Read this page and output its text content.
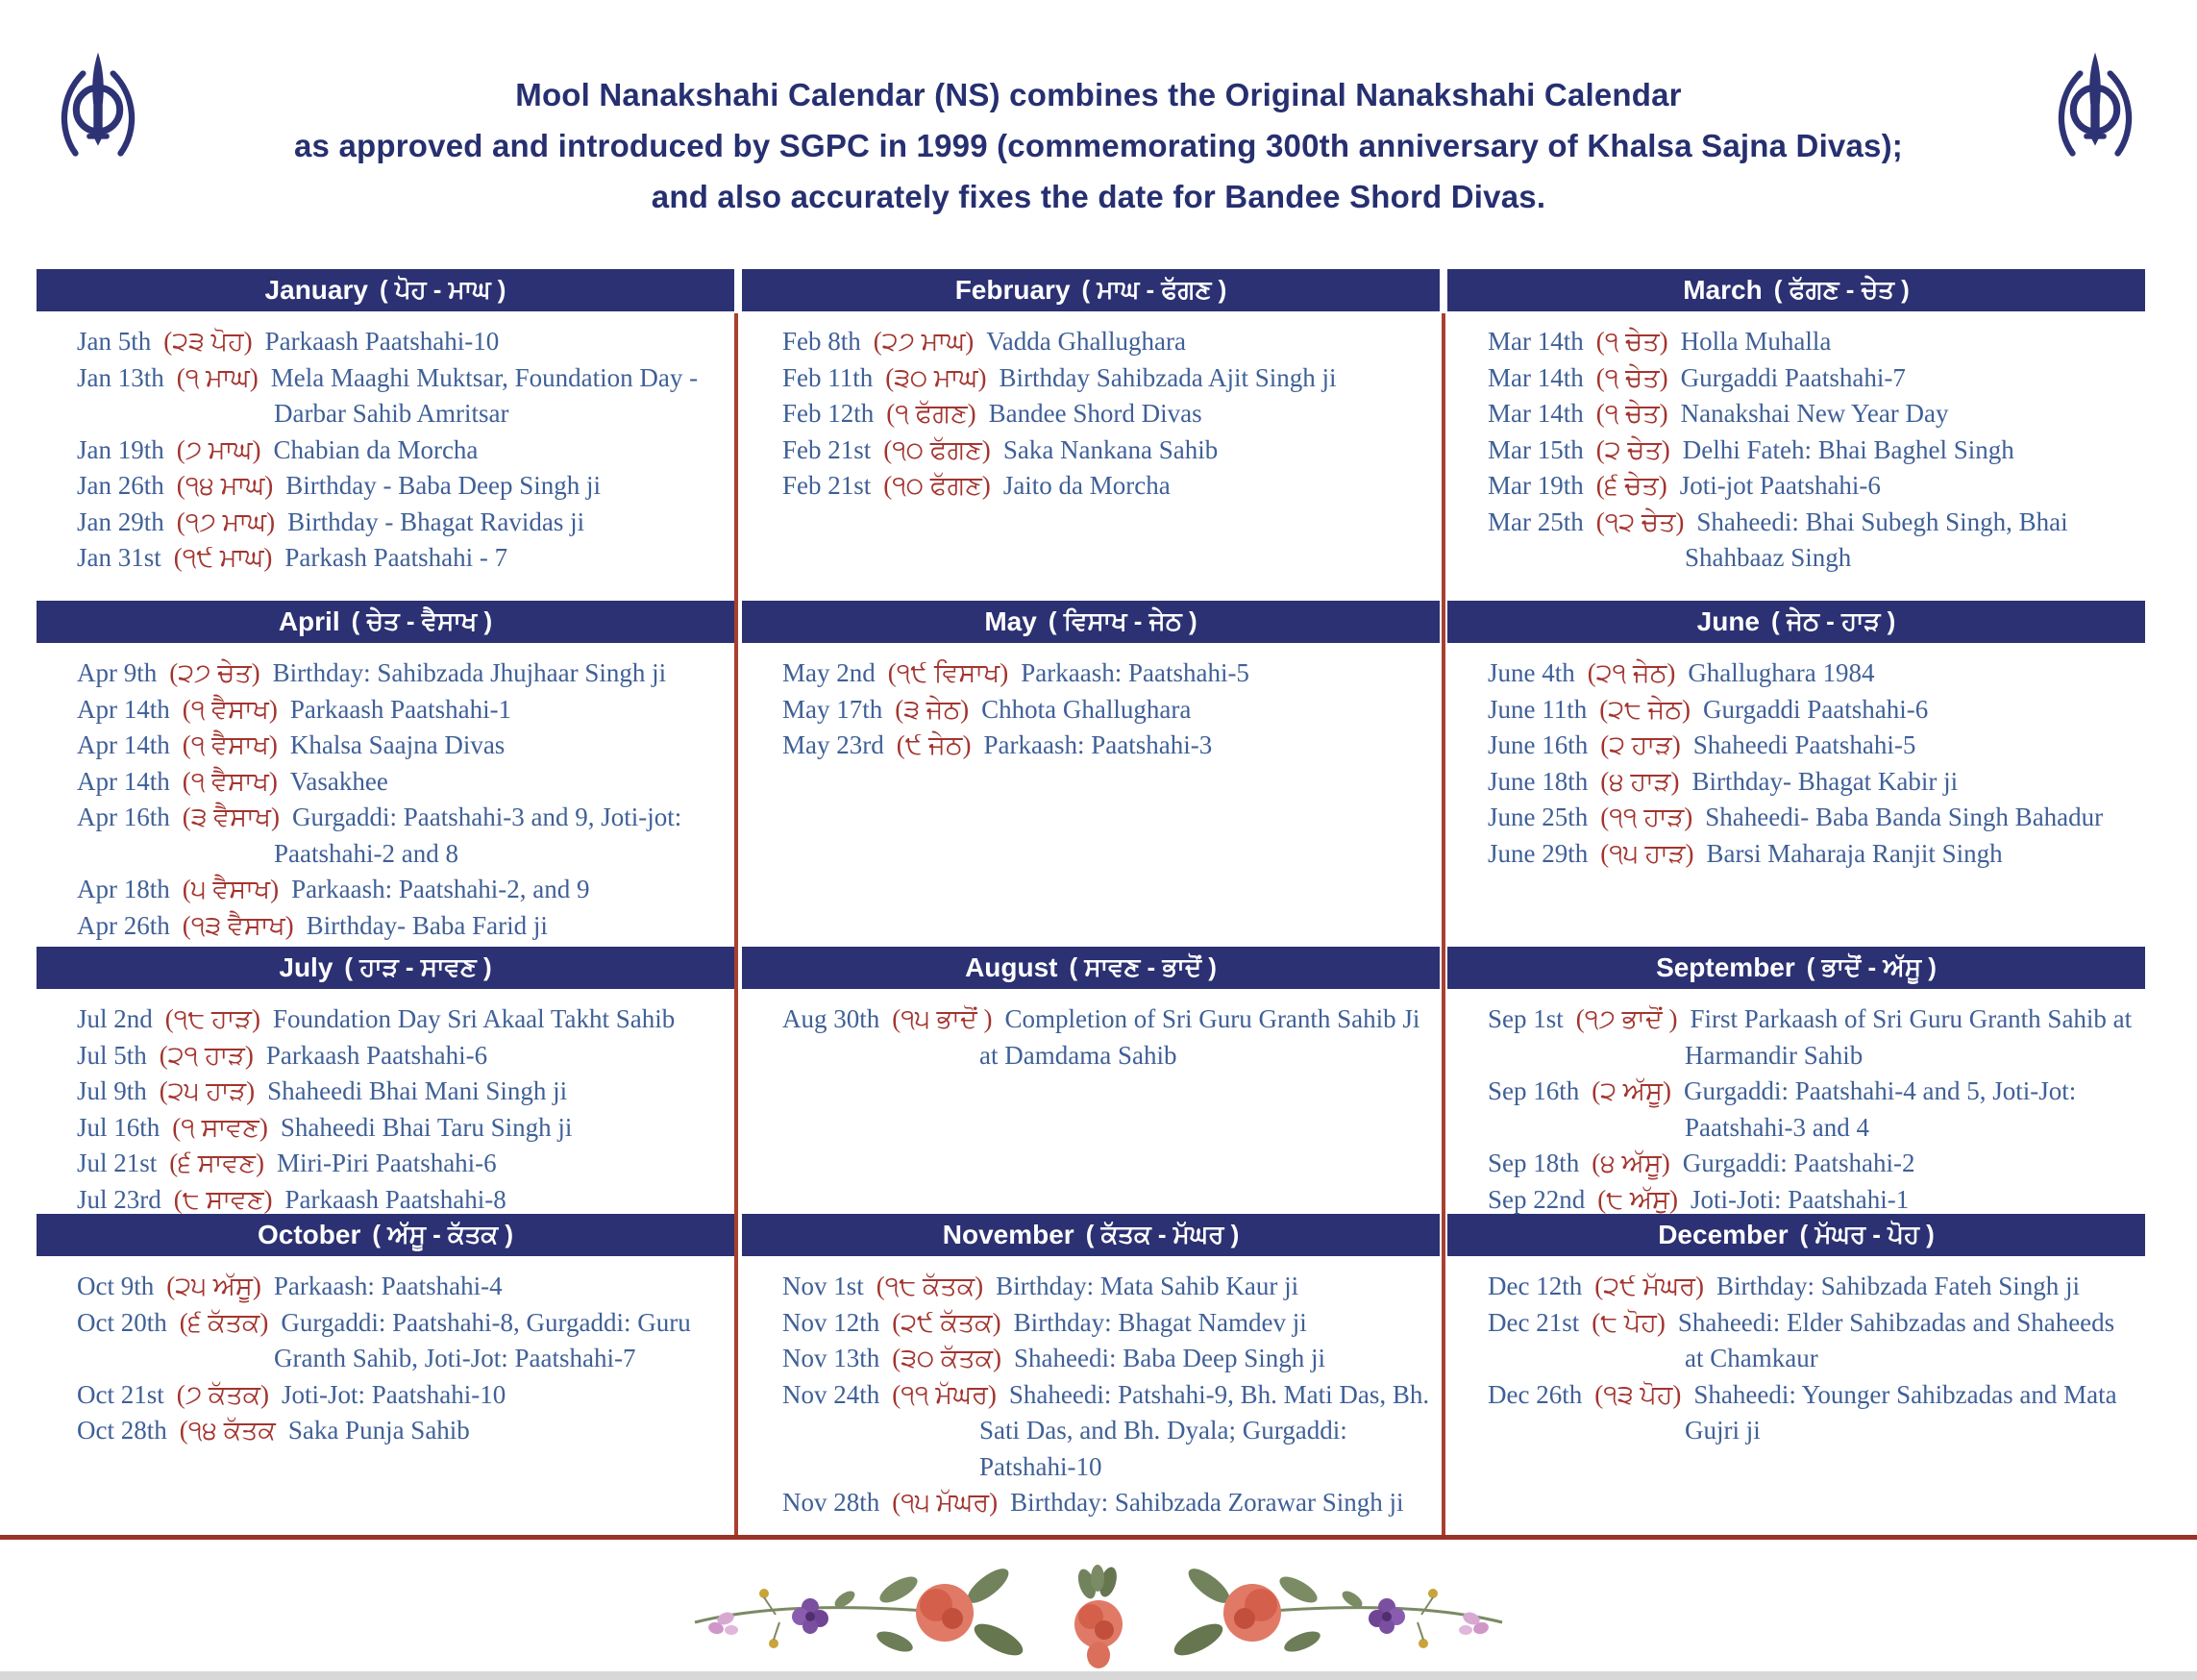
Mool Nanakshahi Calendar (NS) combines the Original Nanakshahi Calendar
as approved and introduced by SGPC in 1999 (commemorating 300th anniversary of Khalsa Sajna Divas);
and also accurately fixes the date for Bandee Shord Divas.
January ( ਪੋਹ - ਮਾਘ )
Jan 5th (੨੩ ਪੋਹ) Parkaash Paatshahi-10
Jan 13th (੧ ਮਾਘ) Mela Maaghi Muktsar, Foundation Day - Darbar Sahib Amritsar
Jan 19th (੭ ਮਾਘ) Chabian da Morcha
Jan 26th (੧੪ ਮਾਘ) Birthday - Baba Deep Singh ji
Jan 29th (੧੭ ਮਾਘ) Birthday - Bhagat Ravidas ji
Jan 31st (੧੯ ਮਾਘ) Parkash Paatshahi - 7
February ( ਮਾਘ - ਫੱਗਣ )
Feb 8th (੨੭ ਮਾਘ) Vadda Ghallughara
Feb 11th (੩੦ ਮਾਘ) Birthday Sahibzada Ajit Singh ji
Feb 12th (੧ ਫੱਗਣ) Bandee Shord Divas
Feb 21st (੧੦ ਫੱਗਣ) Saka Nankana Sahib
Feb 21st (੧੦ ਫੱਗਣ) Jaito da Morcha
March ( ਫੱਗਣ - ਚੇਤ )
Mar 14th (੧ ਚੇਤ) Holla Muhalla
Mar 14th (੧ ਚੇਤ) Gurgaddi Paatshahi-7
Mar 14th (੧ ਚੇਤ) Nanakshai New Year Day
Mar 15th (੨ ਚੇਤ) Delhi Fateh: Bhai Baghel Singh
Mar 19th (੬ ਚੇਤ) Joti-jot Paatshahi-6
Mar 25th (੧੨ ਚੇਤ) Shaheedi: Bhai Subegh Singh, Bhai Shahbaaz Singh
April ( ਚੇਤ - ਵੈਸਾਖ )
Apr 9th (੨੭ ਚੇਤ) Birthday: Sahibzada Jhujhaar Singh ji
Apr 14th (੧ ਵੈਸਾਖ) Parkaash Paatshahi-1
Apr 14th (੧ ਵੈਸਾਖ) Khalsa Saajna Divas
Apr 14th (੧ ਵੈਸਾਖ) Vasakhee
Apr 16th (੩ ਵੈਸਾਖ) Gurgaddi: Paatshahi-3 and 9, Joti-jot: Paatshahi-2 and 8
Apr 18th (੫ ਵੈਸਾਖ) Parkaash: Paatshahi-2, and 9
Apr 26th (੧੩ ਵੈਸਾਖ) Birthday- Baba Farid ji
May ( ਵਿਸਾਖ - ਜੇਠ )
May 2nd (੧੯ ਵਿਸਾਖ) Parkaash: Paatshahi-5
May 17th (੩ ਜੇਠ) Chhota Ghallughara
May 23rd (੯ ਜੇਠ) Parkaash: Paatshahi-3
June ( ਜੇਠ - ਹਾੜ )
June 4th (੨੧ ਜੇਠ) Ghallughara 1984
June 11th (੨੮ ਜੇਠ) Gurgaddi Paatshahi-6
June 16th (੨ ਹਾੜ) Shaheedi Paatshahi-5
June 18th (੪ ਹਾੜ) Birthday- Bhagat Kabir ji
June 25th (੧੧ ਹਾੜ) Shaheedi- Baba Banda Singh Bahadur
June 29th (੧੫ ਹਾੜ) Barsi Maharaja Ranjit Singh
July ( ਹਾੜ - ਸਾਵਣ )
Jul 2nd (੧੮ ਹਾੜ) Foundation Day Sri Akaal Takht Sahib
Jul 5th (੨੧ ਹਾੜ) Parkaash Paatshahi-6
Jul 9th (੨੫ ਹਾੜ) Shaheedi Bhai Mani Singh ji
Jul 16th (੧ ਸਾਵਣ) Shaheedi Bhai Taru Singh ji
Jul 21st (੬ ਸਾਵਣ) Miri-Piri Paatshahi-6
Jul 23rd (੮ ਸਾਵਣ) Parkaash Paatshahi-8
August ( ਸਾਵਣ - ਭਾਦੋਂ )
Aug 30th (੧੫ ਭਾਦੋਂ ) Completion of Sri Guru Granth Sahib Ji at Damdama Sahib
September ( ਭਾਦੋਂ - ਅੱਸੂ )
Sep 1st (੧੭ ਭਾਦੋਂ ) First Parkaash of Sri Guru Granth Sahib at Harmandir Sahib
Sep 16th (੨ ਅੱਸੂ) Gurgaddi: Paatshahi-4 and 5, Joti-Jot: Paatshahi-3 and 4
Sep 18th (੪ ਅੱਸੂ) Gurgaddi: Paatshahi-2
Sep 22nd (੮ ਅੱਸੂ) Joti-Joti: Paatshahi-1
October ( ਅੱਸੂ - ਕੱਤਕ )
Oct 9th (੨੫ ਅੱਸੂ) Parkaash: Paatshahi-4
Oct 20th (੬ ਕੱਤਕ) Gurgaddi: Paatshahi-8, Gurgaddi: Guru Granth Sahib, Joti-Jot: Paatshahi-7
Oct 21st (੭ ਕੱਤਕ) Joti-Jot: Paatshahi-10
Oct 28th (੧੪ ਕੱਤਕ Saka Punja Sahib
November ( ਕੱਤਕ - ਮੱਘਰ )
Nov 1st (੧੮ ਕੱਤਕ) Birthday: Mata Sahib Kaur ji
Nov 12th (੨੯ ਕੱਤਕ) Birthday: Bhagat Namdev ji
Nov 13th (੩੦ ਕੱਤਕ) Shaheedi: Baba Deep Singh ji
Nov 24th (੧੧ ਮੱਘਰ) Shaheedi: Patshahi-9, Bh. Mati Das, Bh. Sati Das, and Bh. Dyala; Gurgaddi: Patshahi-10
Nov 28th (੧੫ ਮੱਘਰ) Birthday: Sahibzada Zorawar Singh ji
December ( ਮੱਘਰ - ਪੋਹ )
Dec 12th (੨੯ ਮੱਘਰ) Birthday: Sahibzada Fateh Singh ji
Dec 21st (੮ ਪੋਹ) Shaheedi: Elder Sahibzadas and Shaheeds at Chamkaur
Dec 26th (੧੩ ਪੋਹ) Shaheedi: Younger Sahibzadas and Mata Gujri ji
